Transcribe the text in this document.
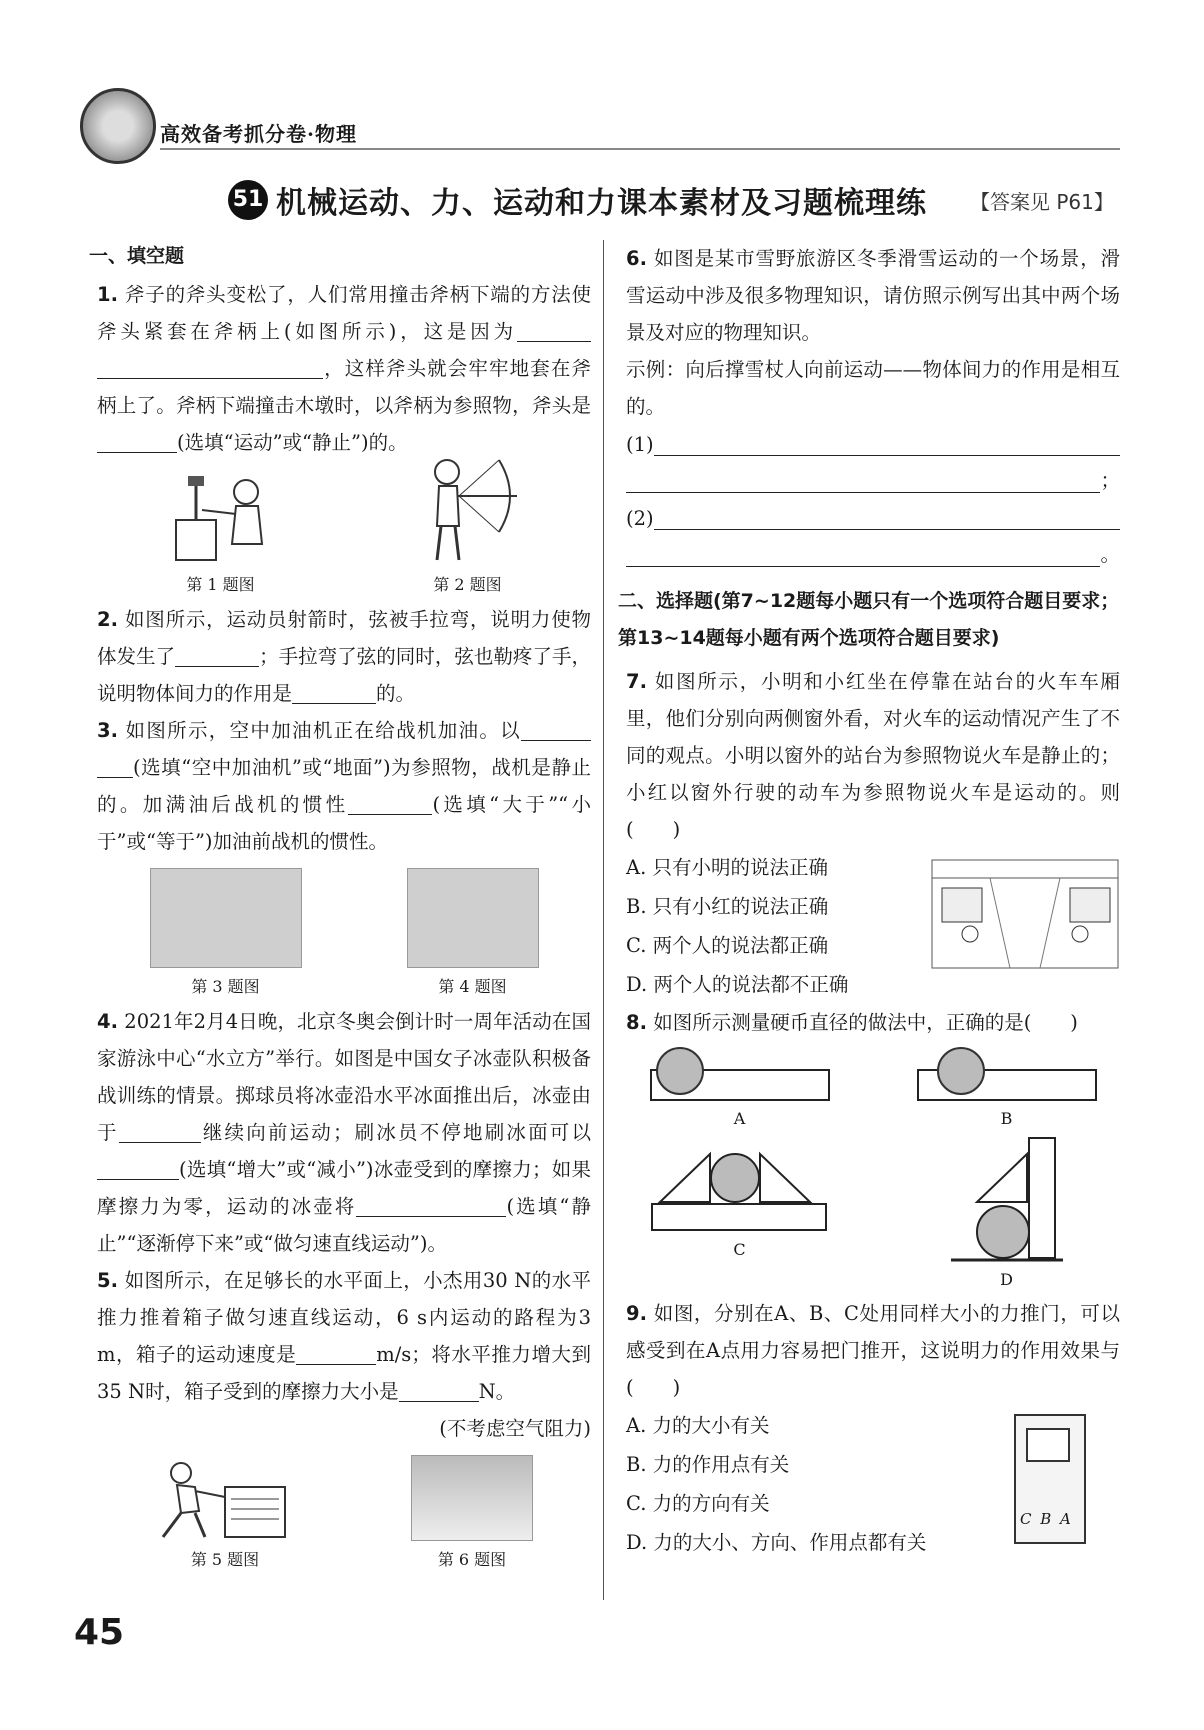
高效备考抓分卷·物理
51 机械运动、力、运动和力课本素材及习题梳理练 【答案见 P61】
一、填空题

1. 斧子的斧头变松了，人们常用撞击斧柄下端的方法使斧头紧套在斧柄上(如图所示)，这是因为 ，这样斧头就会牢牢地套在斧柄上了。斧柄下端撞击木墩时，以斧柄为参照物，斧头是(选填“运动”或“静止”)的。

第 1 题图	第 2 题图

2. 如图所示，运动员射箭时，弦被手拉弯，说明力使物体发生了	；手拉弯了弦的同时，弦也勒疼了手，说明物体间力的作用是	的。

3. 如图所示，空中加油机正在给战机加油。以 (选填“空中加油机”或“地面”)为参照物，战机是静止的。加满油后战机的惯性	(选填“大于”“小于”或“等于”)加油前战机的惯性。

第 3 题图	第 4 题图

4. 2021年2月4日晚，北京冬奥会倒计时一周年活动在国家游泳中心“水立方”举行。如图是中国女子冰壶队积极备战训练的情景。掷球员将冰壶沿水平冰面推出后，冰壶由于	继续向前运动；刷冰员不停地刷冰面可以(选填“增大”或“减小”)冰壶受到的摩擦力；如果摩擦力为零，运动的冰壶将	(选填“静止”“逐渐停下来”或“做匀速直线运动”)。

5. 如图所示，在足够长的水平面上，小杰用30 N的水平推力推着箱子做匀速直线运动，6 s内运动的路程为3 m，箱子的运动速度是	m/s；将水平推力增大到35 N时，箱子受到的摩擦力大小是	N。

(不考虑空气阻力)

第 5 题图	第 6 题图

6. 如图是某市雪野旅游区冬季滑雪运动的一个场景，滑雪运动中涉及很多物理知识，请仿照示例写出其中两个场景及对应的物理知识。

示例：向后撑雪杖人向前运动——物体间力的作用是相互的。

(1)
；
(2)
。
二、选择题(第7~12题每小题只有一个选项符合题目要求；第13~14题每小题有两个选项符合题目要求)

7. 如图所示，小明和小红坐在停靠在站台的火车车厢里，他们分别向两侧窗外看，对火车的运动情况产生了不同的观点。小明以窗外的站台为参照物说火车是静止的；小红以窗外行驶的动车为参照物说火车是运动的。则(　　)

A. 只有小明的说法正确
B. 只有小红的说法正确
C. 两个人的说法都正确
D. 两个人的说法都不正确

8. 如图所示测量硬币直径的做法中，正确的是(　　)

A	B
C
D

9. 如图，分别在A、B、C处用同样大小的力推门，可以感受到在A点用力容易把门推开，这说明力的作用效果与(　　)

A. 力的大小有关
B. 力的作用点有关
C. 力的方向有关
D. 力的大小、方向、作用点都有关
C B A
45
